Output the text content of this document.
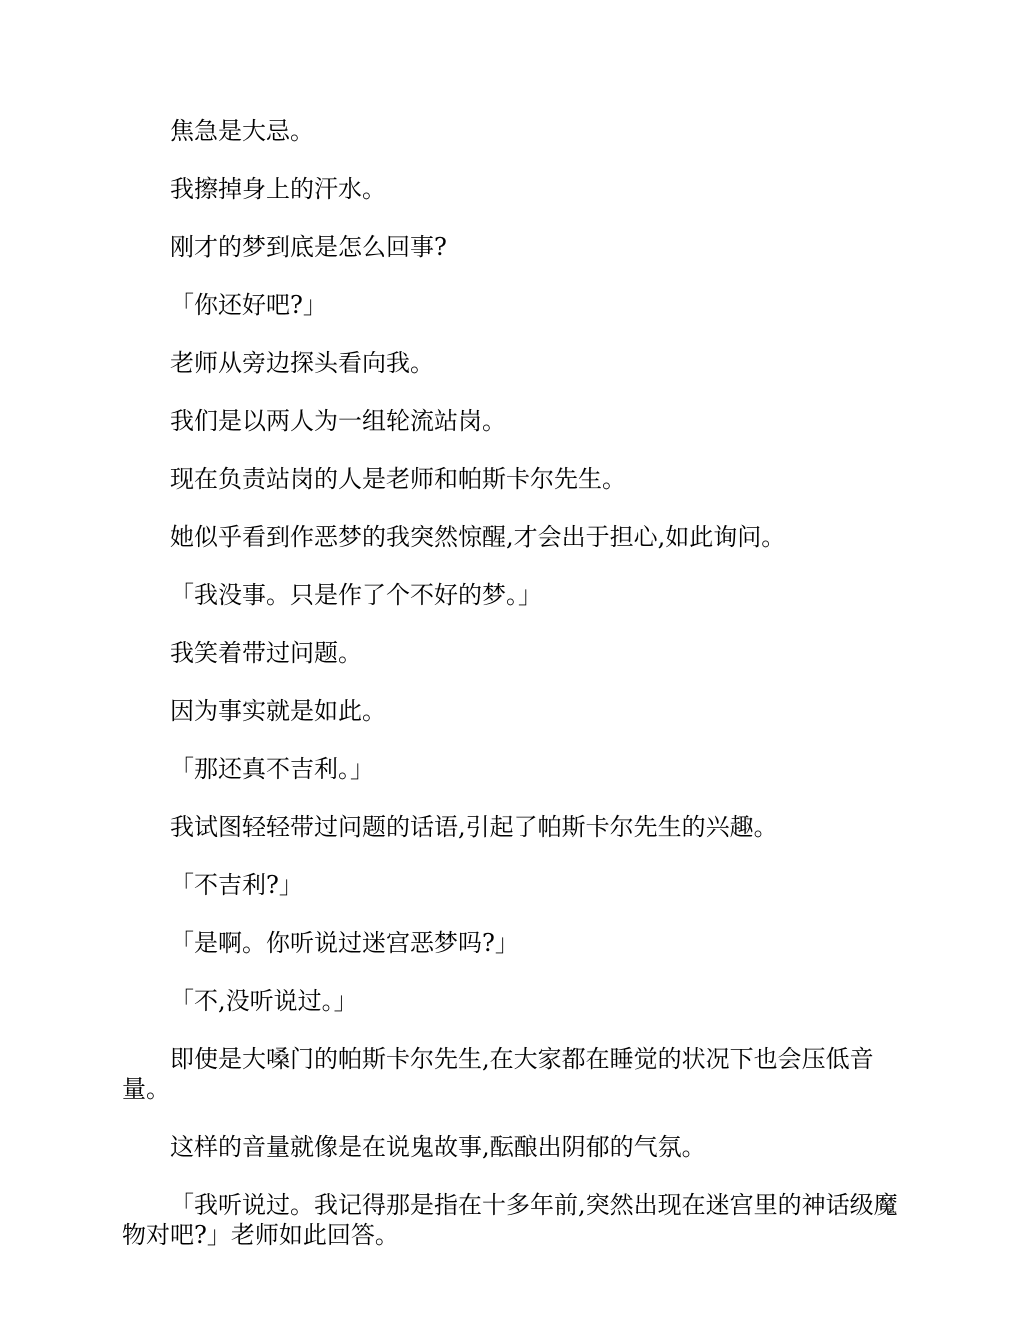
焦急是大忌。

我擦掉身上的汗水。

刚才的梦到底是怎么回事?

「你还好吧?」

老师从旁边探头看向我。

我们是以两人为一组轮流站岗。

现在负责站岗的人是老师和帕斯卡尔先生。

她似乎看到作恶梦的我突然惊醒,才会出于担心,如此询问。

「我没事。只是作了个不好的梦。」

我笑着带过问题。

因为事实就是如此。

「那还真不吉利。」

我试图轻轻带过问题的话语,引起了帕斯卡尔先生的兴趣。

「不吉利?」

「是啊。你听说过迷宫恶梦吗?」

「不,没听说过。」

即使是大嗓门的帕斯卡尔先生,在大家都在睡觉的状况下也会压低音量。

这样的音量就像是在说鬼故事,酝酿出阴郁的气氛。

「我听说过。我记得那是指在十多年前,突然出现在迷宫里的神话级魔物对吧?」老师如此回答。
